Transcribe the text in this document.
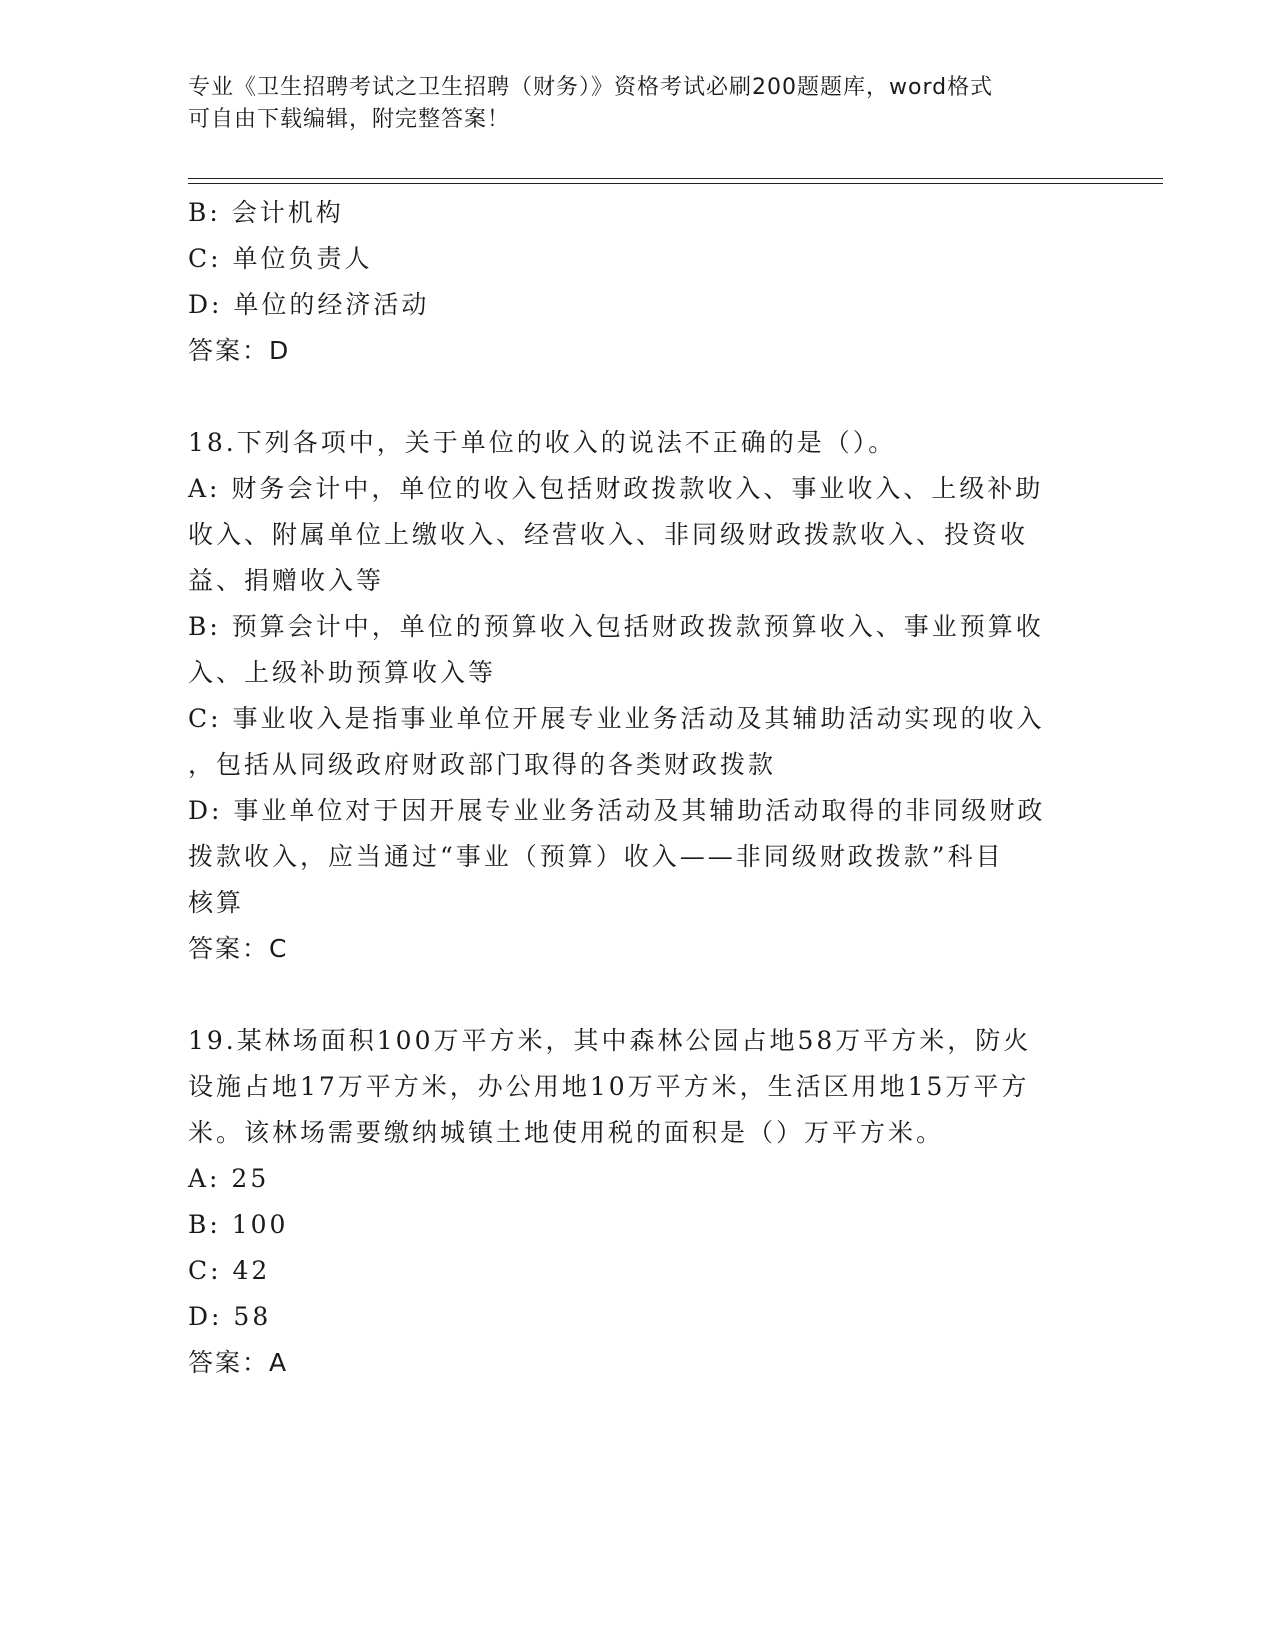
专业《卫生招聘考试之卫生招聘（财务）》资格考试必刷200题题库，word格式
可自由下载编辑，附完整答案！
B: 会计机构
C: 单位负责人
D: 单位的经济活动
答案：D
18.下列各项中，关于单位的收入的说法不正确的是（）。
A: 财务会计中，单位的收入包括财政拨款收入、事业收入、上级补助
收入、附属单位上缴收入、经营收入、非同级财政拨款收入、投资收
益、捐赠收入等
B: 预算会计中，单位的预算收入包括财政拨款预算收入、事业预算收
入、上级补助预算收入等
C: 事业收入是指事业单位开展专业业务活动及其辅助活动实现的收入
，包括从同级政府财政部门取得的各类财政拨款
D: 事业单位对于因开展专业业务活动及其辅助活动取得的非同级财政
拨款收入，应当通过“事业（预算）收入——非同级财政拨款”科目
核算
答案：C
19.某林场面积100万平方米，其中森林公园占地58万平方米，防火
设施占地17万平方米，办公用地10万平方米，生活区用地15万平方
米。该林场需要缴纳城镇土地使用税的面积是（）万平方米。
A: 25
B: 100
C: 42
D: 58
答案：A
